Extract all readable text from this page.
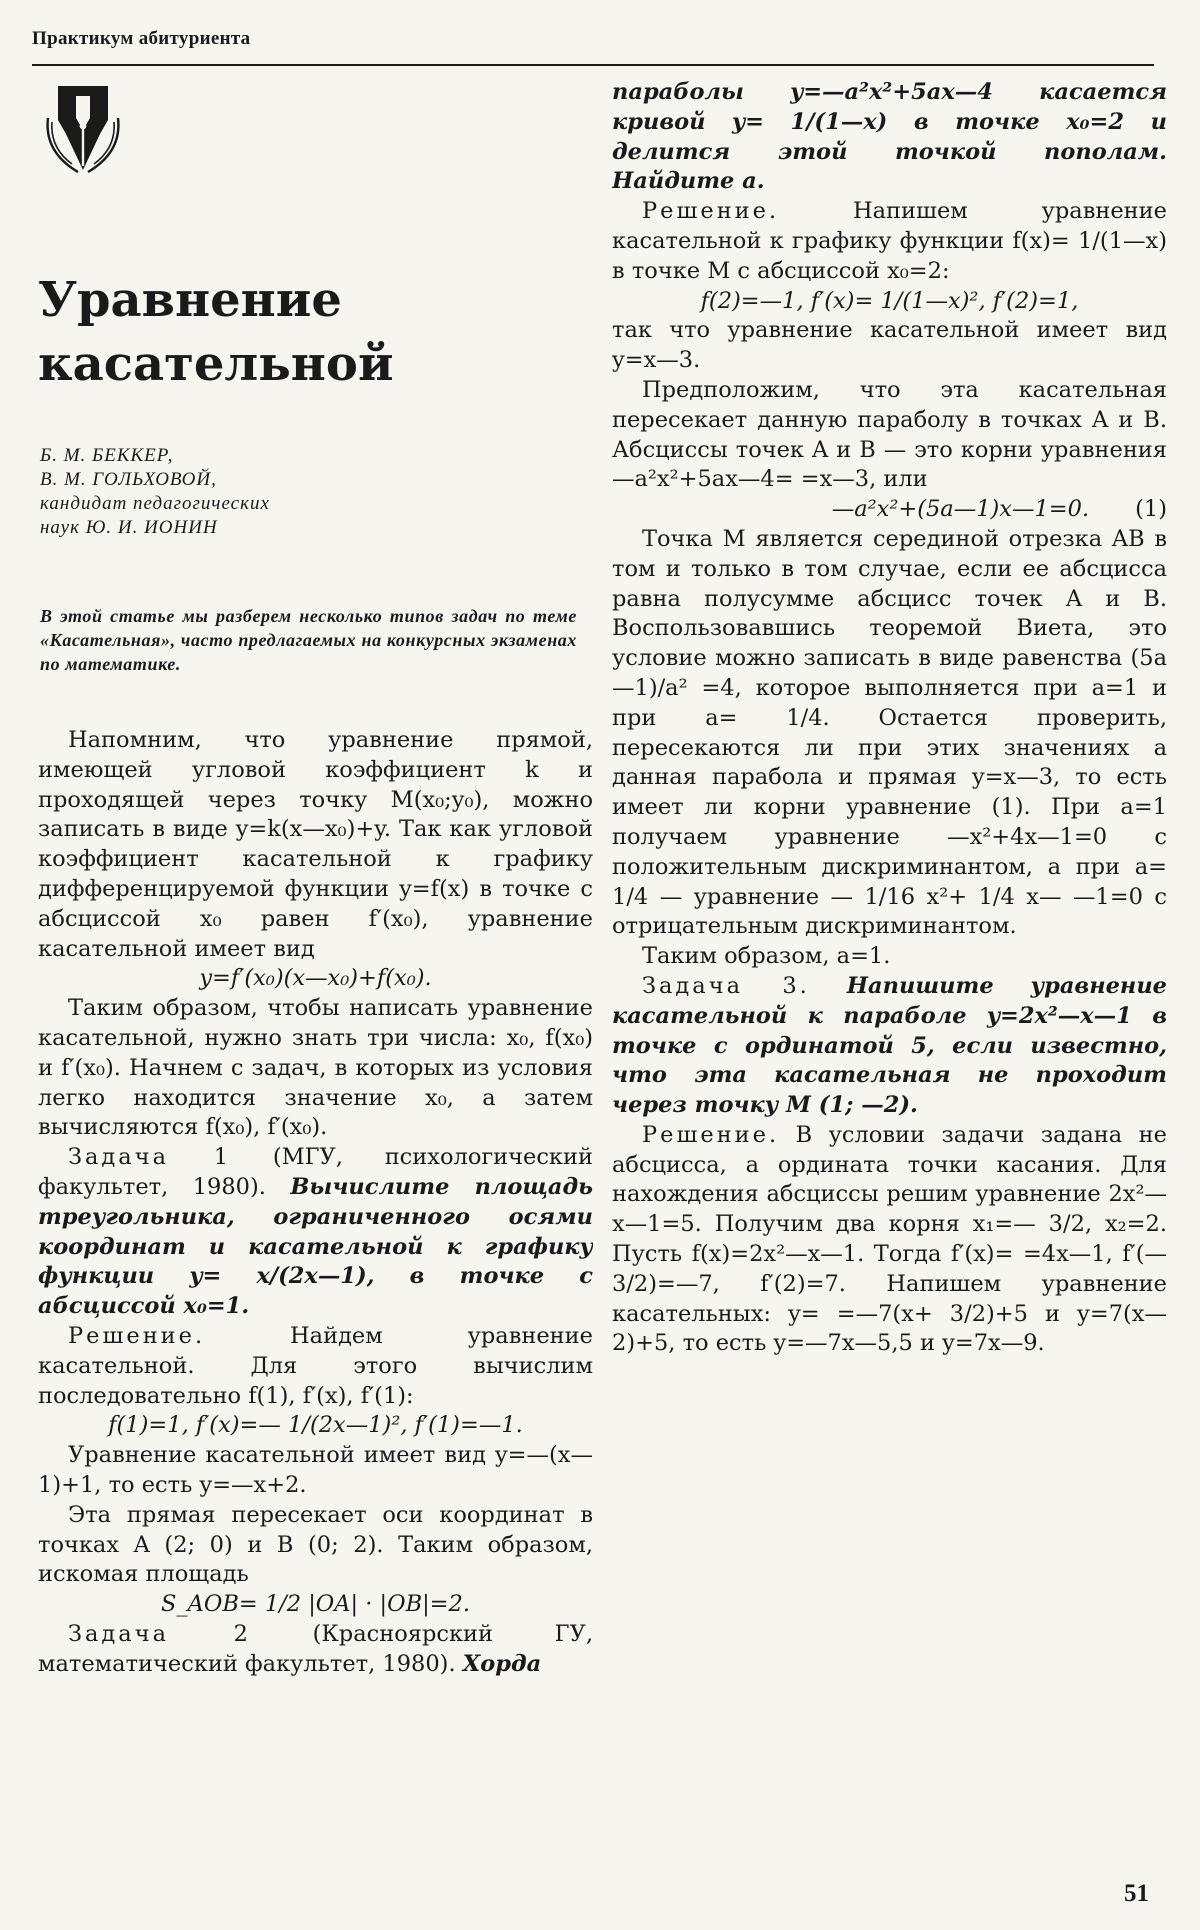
Практикум абитуриента
Уравнение
касательной
Б. М. БЕККЕР,
В. М. ГОЛЬХОВОЙ,
кандидат педагогических
наук Ю. И. ИОНИН
В этой статье мы разберем несколько типов задач по теме «Касательная», часто предлагаемых на конкурсных экзаменах по математике.

Напомним, что уравнение прямой, имеющей угловой коэффициент k и проходящей через точку M(x₀;y₀), можно записать в виде y=k(x—x₀)+y. Так как угловой коэффициент касательной к графику дифференцируемой функции y=f(x) в точке с абсциссой x₀ равен f′(x₀), уравнение касательной имеет вид

y=f′(x₀)(x—x₀)+f(x₀).

Таким образом, чтобы написать уравнение касательной, нужно знать три числа: x₀, f(x₀) и f′(x₀). Начнем с задач, в которых из условия легко находится значение x₀, а затем вычисляются f(x₀), f′(x₀).

Задача 1 (МГУ, психологический факультет, 1980). Вычислите площадь треугольника, ограниченного осями координат и касательной к графику функции y= x/(2x—1), в точке с абсциссой x₀=1.

Решение. Найдем уравнение касательной. Для этого вычислим последовательно f(1), f′(x), f′(1):

f(1)=1, f′(x)=— 1/(2x—1)², f′(1)=—1.

Уравнение касательной имеет вид y=—(x—1)+1, то есть y=—x+2.

Эта прямая пересекает оси координат в точках A (2; 0) и B (0; 2). Таким образом, искомая площадь

S_AOB= 1/2 |OA| · |OB|=2.

Задача 2 (Красноярский ГУ, математический факультет, 1980). Хорда

параболы y=—a²x²+5ax—4 касается кривой y= 1/(1—x) в точке x₀=2 и делится этой точкой пополам. Найдите a.

Решение. Напишем уравнение касательной к графику функции f(x)= 1/(1—x) в точке M с абсциссой x₀=2:

f(2)=—1, f′(x)= 1/(1—x)², f′(2)=1,

так что уравнение касательной имеет вид y=x—3.

Предположим, что эта касательная пересекает данную параболу в точках A и B. Абсциссы точек A и B — это корни уравнения —a²x²+5ax—4= =x—3, или

—a²x²+(5a—1)x—1=0. (1)

Точка M является серединой отрезка AB в том и только в том случае, если ее абсцисса равна полусумме абсцисс точек A и B. Воспользовавшись теоремой Виета, это условие можно записать в виде равенства (5a—1)/a² =4, которое выполняется при a=1 и при a= 1/4. Остается проверить, пересекаются ли при этих значениях a данная парабола и прямая y=x—3, то есть имеет ли корни уравнение (1). При a=1 получаем уравнение —x²+4x—1=0 с положительным дискриминантом, а при a= 1/4 — уравнение — 1/16 x²+ 1/4 x— —1=0 с отрицательным дискриминантом.

Таким образом, a=1.

Задача 3. Напишите уравнение касательной к параболе y=2x²—x—1 в точке с ординатой 5, если известно, что эта касательная не проходит через точку M (1; —2).

Решение. В условии задачи задана не абсцисса, а ордината точки касания. Для нахождения абсциссы решим уравнение 2x²—x—1=5. Получим два корня x₁=— 3/2, x₂=2. Пусть f(x)=2x²—x—1. Тогда f′(x)= =4x—1, f′(— 3/2)=—7, f′(2)=7. Напишем уравнение касательных: y= =—7(x+ 3/2)+5 и y=7(x—2)+5, то есть y=—7x—5,5 и y=7x—9.

51
